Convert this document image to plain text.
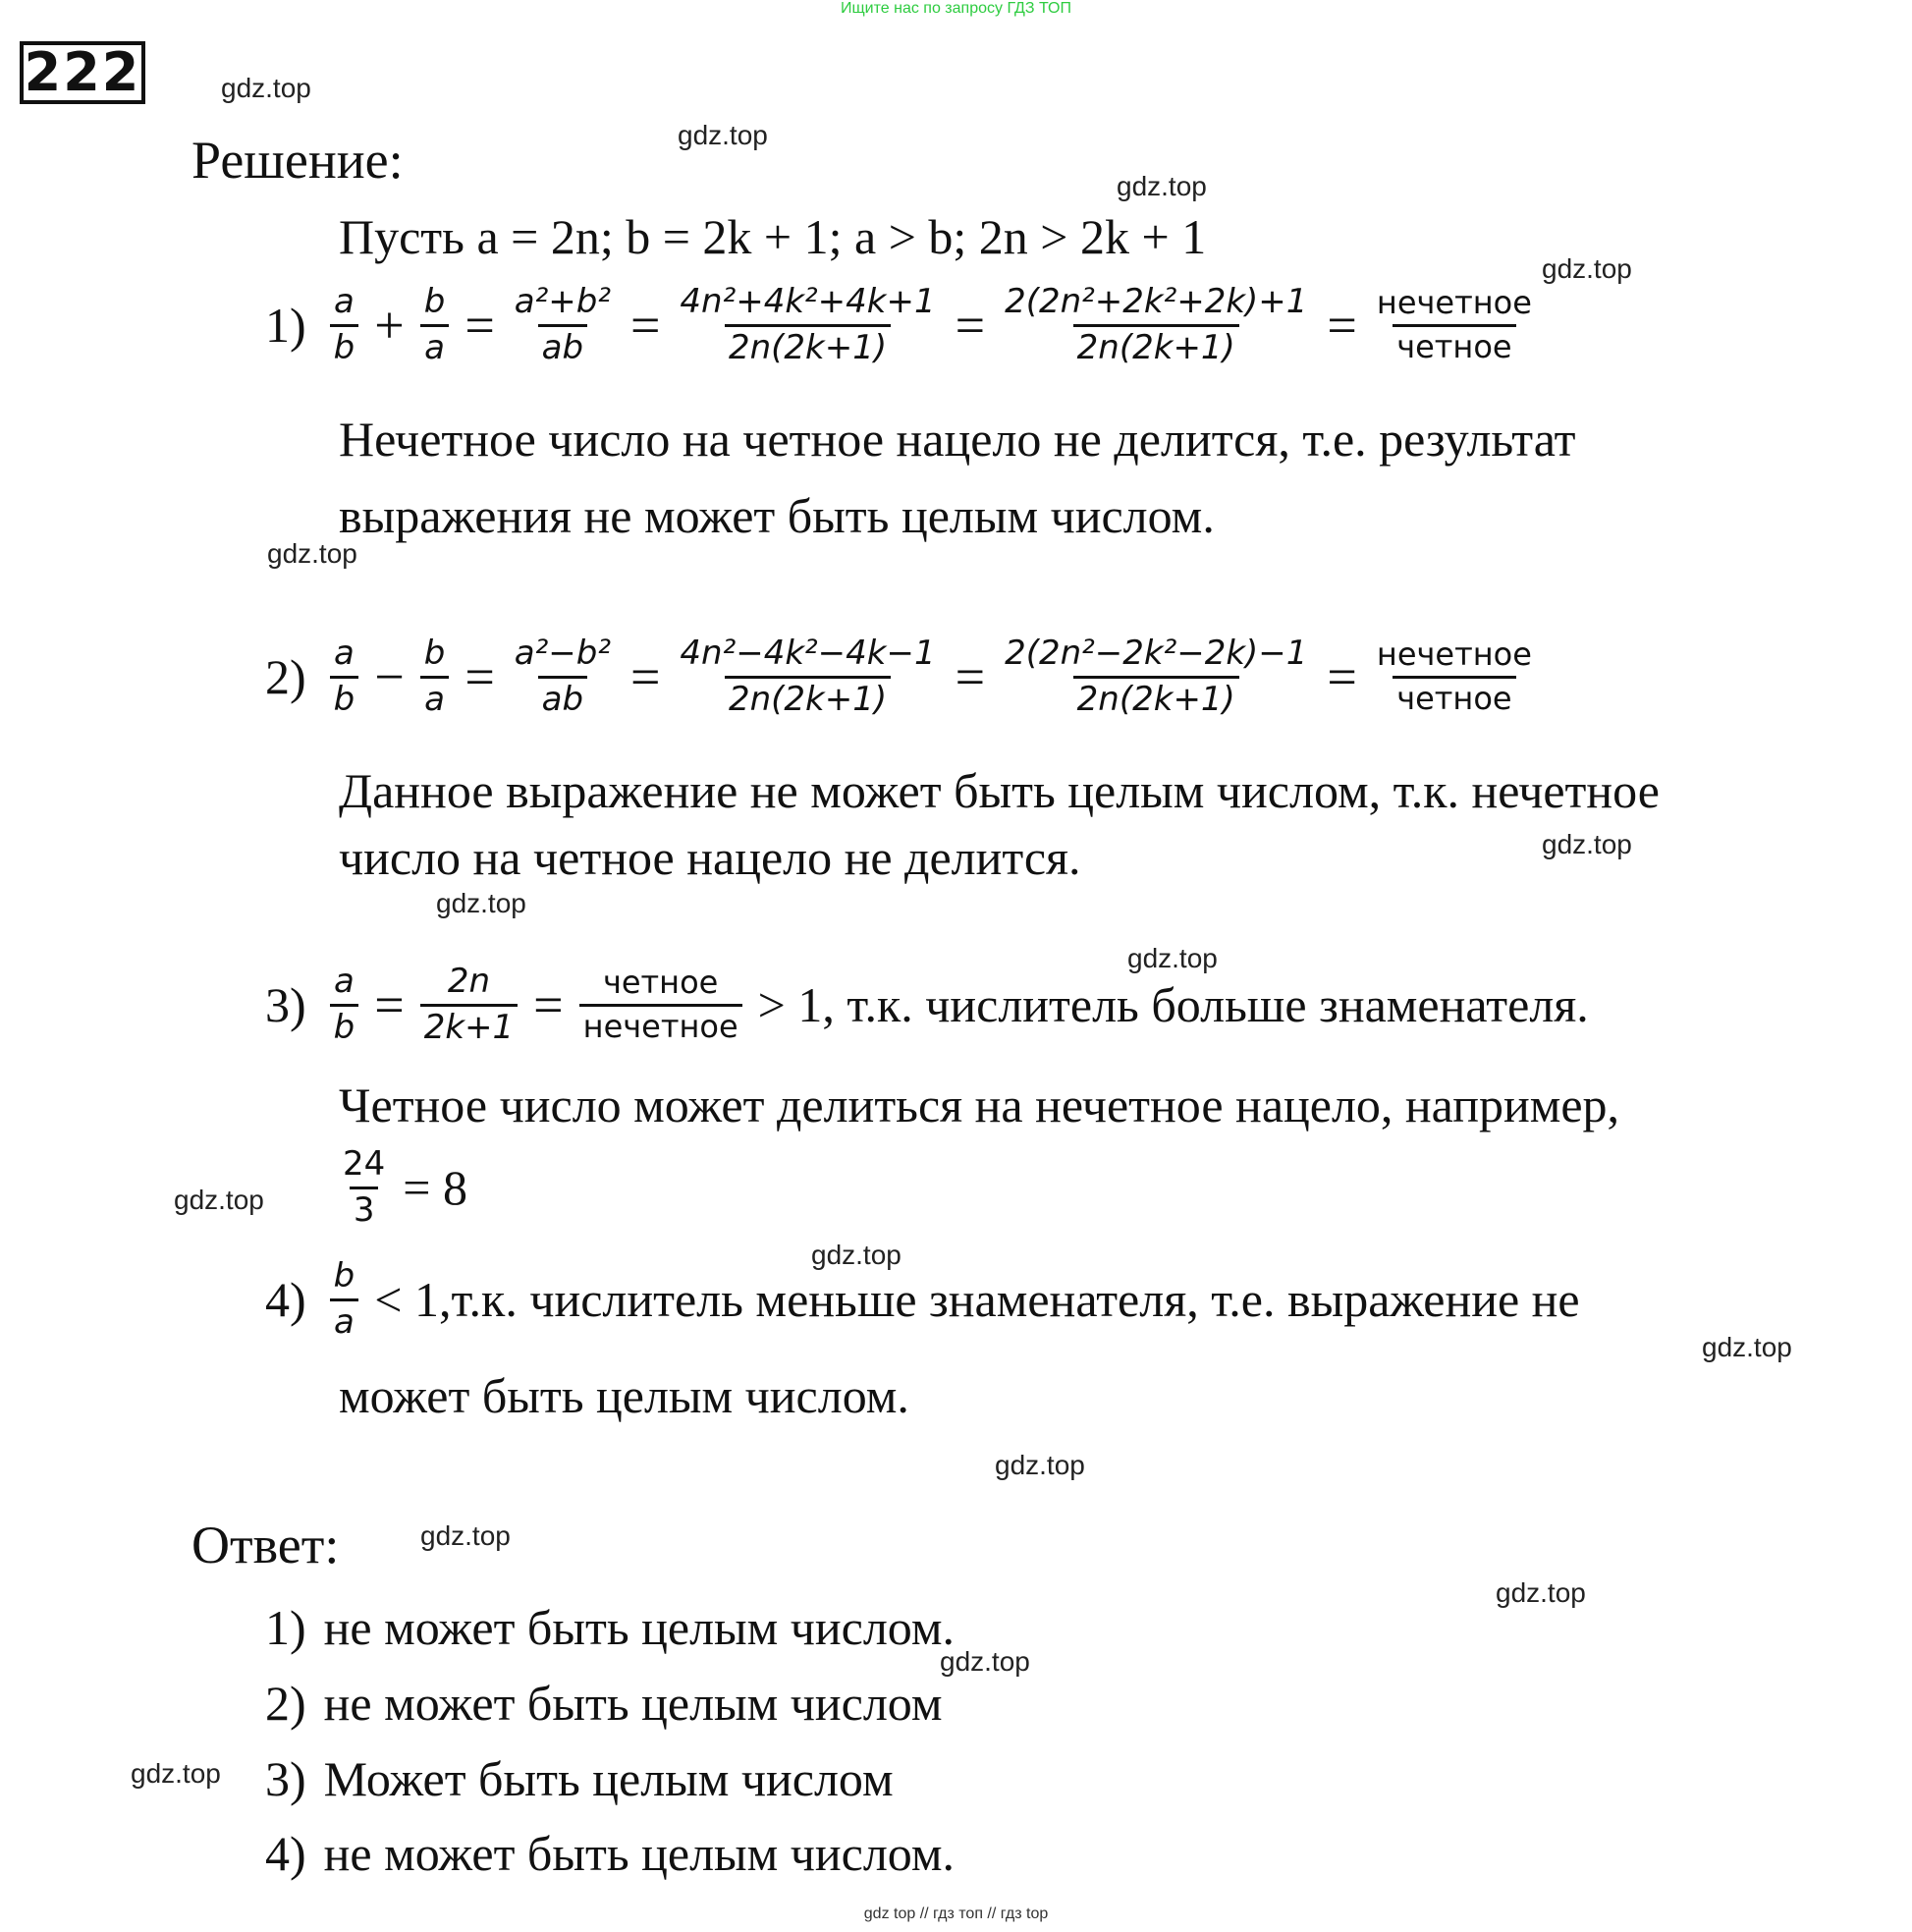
Ищите нас по запросу ГДЗ ТОП
222	gdz.top
gdz.top
gdz.top
gdz.top
gdz.top
gdz.top
gdz.top
gdz.top
gdz.top
gdz.top
gdz.top
gdz.top
gdz.top
gdz.top
gdz.top
gdz.top
Решение:
Пусть a = 2n; b = 2k + 1; a > b; 2n > 2k + 1
$1) \frac{a}{b} + \frac{b}{a} = \frac{\text{a²+b²}}{ab} = \frac{\text{4n²+4k²+4k+1}}{2n(2k+1)} = \frac{\text{2(2n²+2k²+2k)+1}}{2n(2k+1)} = \frac{\text{нечетное}}{\text{четное}}$
Нечетное число на четное нацело не делится, т.е. результат
выражения не может быть целым числом.
$2) \frac{a}{b} - \frac{b}{a} = \frac{\text{a²−b²}}{ab} = \frac{\text{4n²−4k²−4k−1}}{2n(2k+1)} = \frac{\text{2(2n²−2k²−2k)−1}}{2n(2k+1)} = \frac{\text{нечетное}}{\text{четное}}$
Данное выражение не может быть целым числом, т.к. нечетное
число на четное нацело не делится.
$3) \frac{a}{b} = \frac{2n}{2k+1} = \frac{\text{четное}}{\text{нечетное}} > 1$, т.к. числитель больше знаменателя.
Четное число может делиться на нечетное нацело, например,
$\frac{24}{3} = 8$
$4) \frac{b}{a} < 1,т.к$. числитель меньше знаменателя, т.е. выражение не
может быть целым числом.
Ответ:
1) не может быть целым числом.
2) не может быть целым числом
3) Может быть целым числом
4) не может быть целым числом.
gdz top // гдз топ // гдз top
